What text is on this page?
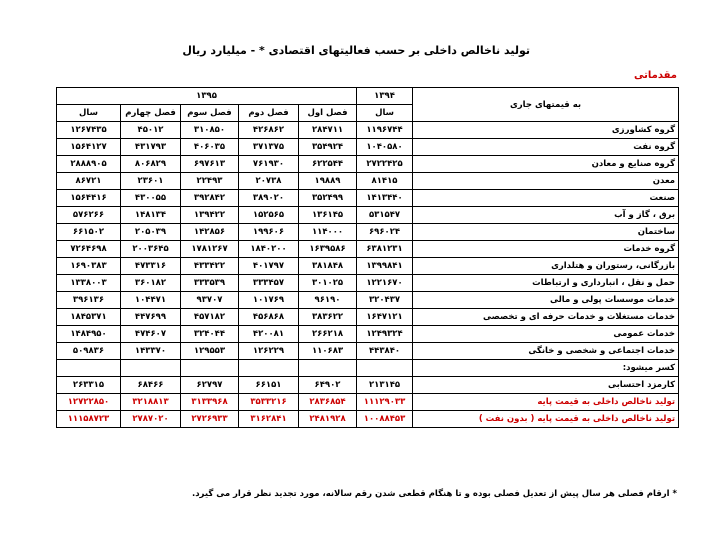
تولید ناخالص داخلی بر حسب فعالیتهای اقتصادی * - میلیارد ریال
مقدماتی
۱۳۹۵					۱۳۹۴	به قیمتهای جاری
سال	فصل چهارم	فصل سوم	فصل دوم	فصل اول	سال	
۱۲۶۷۴۳۵	۴۵۰۱۲	۳۱۰۸۵۰	۴۲۶۸۶۲	۲۸۴۷۱۱	۱۱۹۶۷۴۴	گروه کشاورزی
۱۵۶۴۱۲۷	۴۳۱۷۹۳	۴۰۶۰۳۵	۳۷۱۳۷۵	۳۵۴۹۲۴	۱۰۴۰۵۸۰	گروه نفت
۲۸۸۸۹۰۵	۸۰۶۸۲۹	۶۹۷۶۱۳	۷۶۱۹۳۰	۶۲۲۵۴۴	۲۷۲۲۴۲۵	گروه صنایع و معادن
۸۶۷۲۱	۲۳۶۰۱	۲۲۴۹۳	۲۰۷۳۸	۱۹۸۸۹	۸۱۴۱۵	معدن
۱۵۶۴۴۱۶	۴۳۰۰۵۵	۳۹۲۸۴۲	۳۸۹۰۲۰	۳۵۲۴۹۹	۱۴۱۳۴۴۰	صنعت
۵۷۶۲۶۶	۱۴۸۱۳۴	۱۳۹۴۲۲	۱۵۲۵۶۵	۱۳۶۱۴۵	۵۳۱۵۴۷	برق ، گاز و آب
۶۶۱۵۰۲	۲۰۵۰۳۹	۱۴۲۸۵۶	۱۹۹۶۰۶	۱۱۴۰۰۰	۶۹۶۰۲۴	ساختمان
۷۲۶۴۶۹۸	۲۰۰۳۶۴۵	۱۷۸۱۲۶۷	۱۸۴۰۲۰۰	۱۶۳۹۵۸۶	۶۳۸۱۲۳۱	گروه خدمات
۱۶۹۰۳۸۳	۴۷۳۳۱۶	۴۳۳۴۲۲	۴۰۱۷۹۷	۳۸۱۸۴۸	۱۳۹۹۸۴۱	بازرگانی، رستوران و هتلداری
۱۳۳۸۰۰۳	۳۶۰۱۸۲	۳۳۳۵۳۹	۳۳۳۴۵۷	۳۰۱۰۲۵	۱۲۲۱۶۷۰	حمل و نقل ، انبارداری و ارتباطات
۳۹۶۱۳۶	۱۰۴۴۷۱	۹۳۷۰۷	۱۰۱۷۶۹	۹۶۱۹۰	۳۲۰۴۳۷	خدمات موسسات پولی و مالی
۱۸۴۵۳۷۱	۴۴۷۶۹۹	۴۵۷۱۸۲	۴۵۶۸۶۸	۳۸۳۶۲۲	۱۶۴۷۱۲۱	خدمات مستغلات و خدمات حرفه ای و تخصصی
۱۴۸۴۹۵۰	۴۷۴۶۰۷	۳۲۴۰۴۴	۴۲۰۰۸۱	۲۶۶۲۱۸	۱۲۴۹۳۲۴	خدمات عمومی
۵۰۹۸۳۶	۱۴۳۳۷۰	۱۲۹۵۵۳	۱۲۶۲۲۹	۱۱۰۶۸۳	۴۴۳۸۴۰	خدمات اجتماعی و شخصی و خانگی
						کسر میشود:
۲۶۳۳۱۵	۶۸۴۶۶	۶۲۷۹۷	۶۶۱۵۱	۶۴۹۰۲	۲۱۳۱۴۵	کارمزد احتسابی
۱۲۷۲۲۸۵۰	۳۲۱۸۸۱۳	۳۱۳۳۹۶۸	۳۵۳۳۲۱۶	۲۸۳۶۸۵۴	۱۱۱۲۹۰۳۳	تولید ناخالص داخلی به قیمت پایه
۱۱۱۵۸۷۲۳	۲۷۸۷۰۲۰	۲۷۲۶۹۳۳	۳۱۶۲۸۴۱	۲۴۸۱۹۲۸	۱۰۰۸۸۴۵۳	تولید ناخالص داخلی به قیمت پایه ( بدون نفت )
* ارقام فصلی هر سال پیش از تعدیل فصلی بوده و تا هنگام قطعی شدن رقم سالانه، مورد تجدید نظر قرار می گیرد.
